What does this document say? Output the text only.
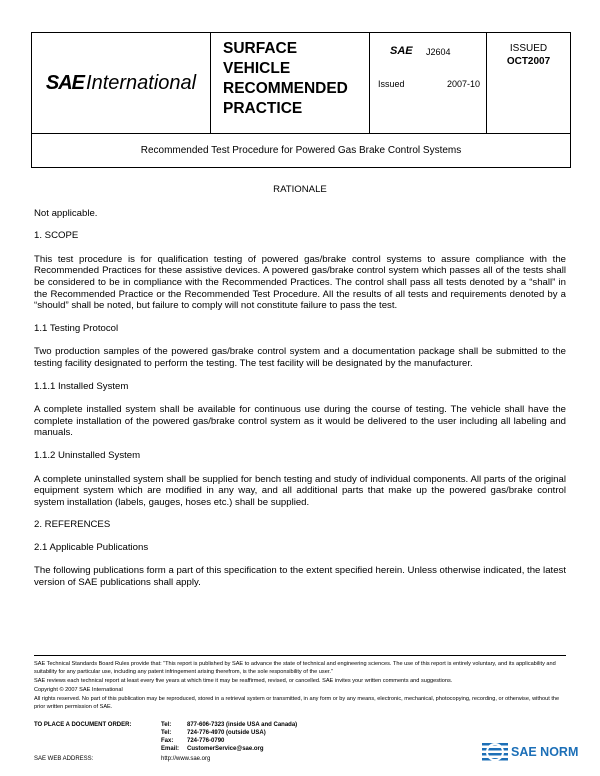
SAE International
SURFACE
VEHICLE
RECOMMENDED
PRACTICE
SAE J2604
Issued	2007-10
ISSUED
OCT2007
Recommended Test Procedure for Powered Gas Brake Control Systems
RATIONALE

Not applicable.

1. SCOPE

This test procedure is for qualification testing of powered gas/brake control systems to assure compliance with the Recommended Practices for these assistive devices. A powered gas/brake control system which passes all of the tests shall be considered to be in compliance with the Recommended Practices. The control shall pass all tests denoted by a “shall” in the Recommended Practice or the Recommended Test Procedure. All the results of all tests and requirements denoted by a “should” shall be noted, but failure to comply will not constitute failure to pass the test.

1.1 Testing Protocol

Two production samples of the powered gas/brake control system and a documentation package shall be submitted to the testing facility designated to perform the testing. The test facility will be designated by the manufacturer.

1.1.1 Installed System

A complete installed system shall be available for continuous use during the course of testing. The vehicle shall have the complete installation of the powered gas/brake control system as it would be delivered to the user including all labeling and manuals.

1.1.2 Uninstalled System

A complete uninstalled system shall be supplied for bench testing and study of individual components. All parts of the original equipment system which are modified in any way, and all additional parts that make up the powered gas/brake control system installation (labels, gauges, hoses etc.) shall be supplied.

2. REFERENCES

2.1 Applicable Publications

The following publications form a part of this specification to the extent specified herein. Unless otherwise indicated, the latest version of SAE publications shall apply.

SAE Technical Standards Board Rules provide that: “This report is published by SAE to advance the state of technical and engineering sciences. The use of this report is entirely voluntary, and its applicability and suitability for any particular use, including any patent infringement arising therefrom, is the sole responsibility of the user.”

SAE reviews each technical report at least every five years at which time it may be reaffirmed, revised, or cancelled. SAE invites your written comments and suggestions.

Copyright © 2007 SAE International

All rights reserved. No part of this publication may be reproduced, stored in a retrieval system or transmitted, in any form or by any means, electronic, mechanical, photocopying, recording, or otherwise, without the prior written permission of SAE.

TO PLACE A DOCUMENT ORDER:	Tel:	877-606-7323 (inside USA and Canada)
Tel:	724-776-4970 (outside USA)
Fax: 724-776-0790
Email: CustomerService@sae.org
SAE WEB ADDRESS:	http://www.sae.org	SAE NORM
